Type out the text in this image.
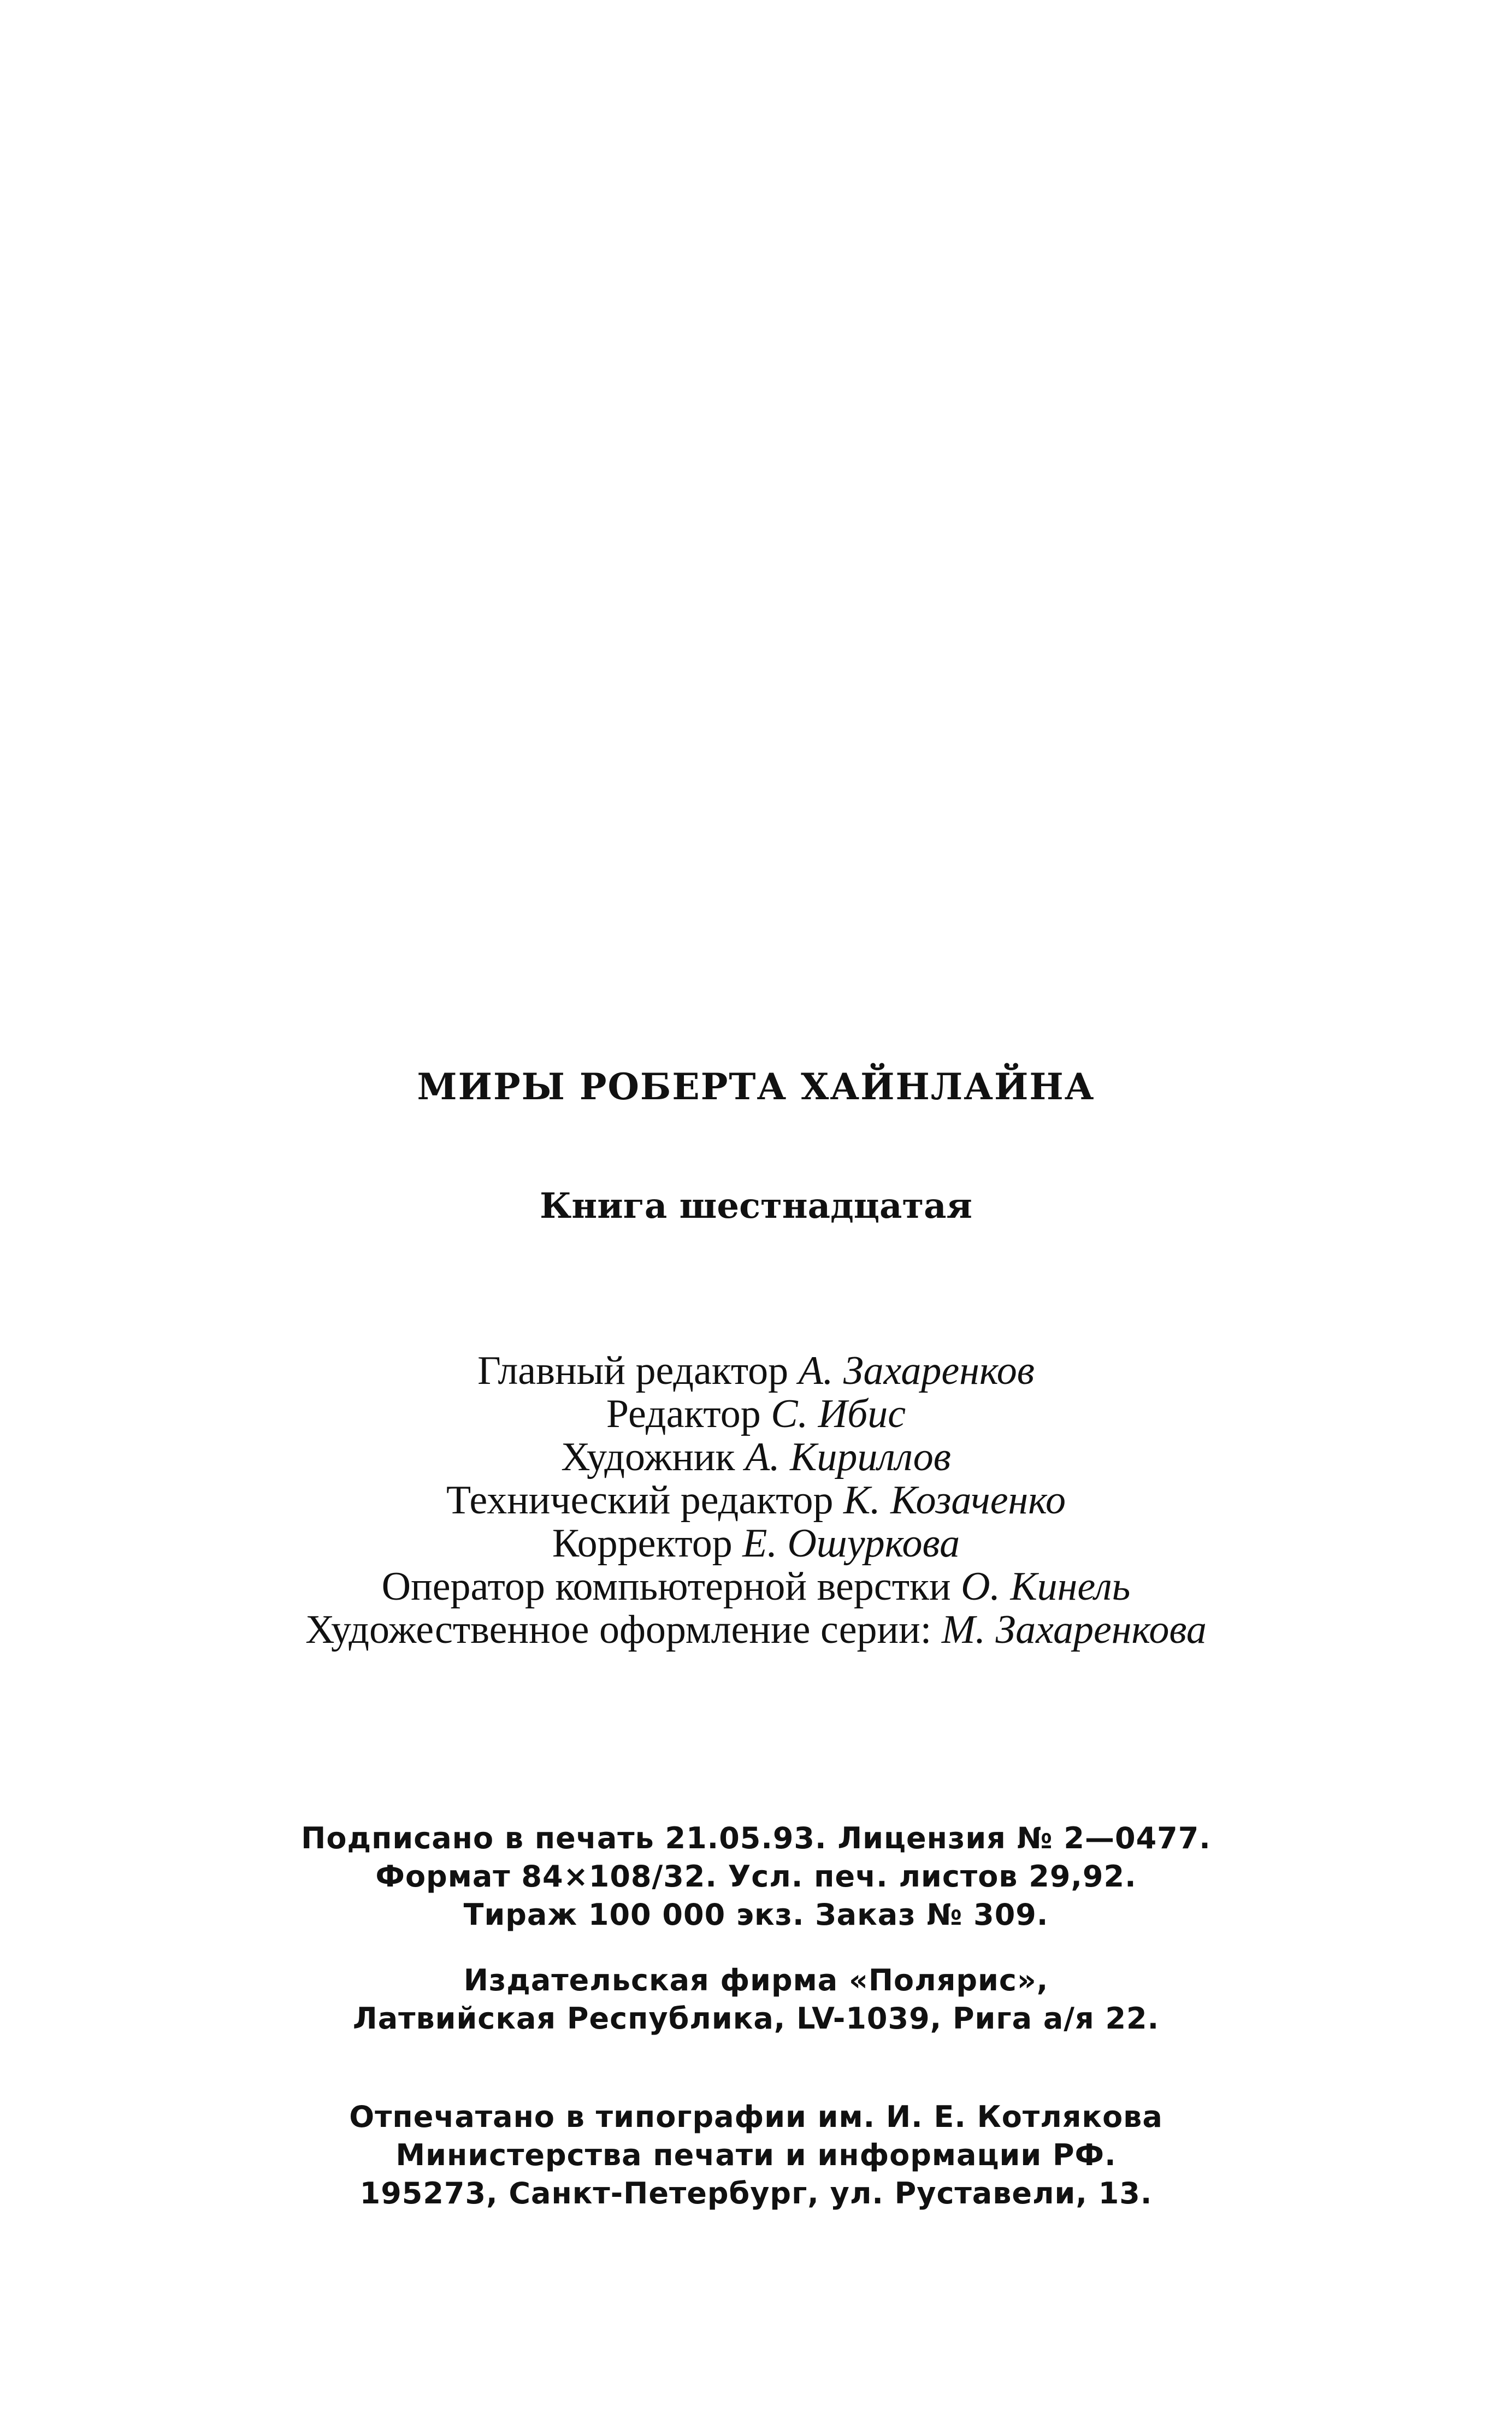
МИРЫ РОБЕРТА ХАЙНЛАЙНА
Книга шестнадцатая
Главный редактор А. Захаренков
Редактор С. Ибис
Художник А. Кириллов
Технический редактор К. Козаченко
Корректор Е. Ошуркова
Оператор компьютерной верстки О. Кинель
Художественное оформление серии: М. Захаренкова
Подписано в печать 21.05.93. Лицензия № 2—0477.
Формат 84×108/32. Усл. печ. листов 29,92.
Тираж 100 000 экз. Заказ № 309.
Издательская фирма «Полярис»,
Латвийская Республика, LV-1039, Рига а/я 22.
Отпечатано в типографии им. И. Е. Котлякова
Министерства печати и информации РФ.
195273, Санкт-Петербург, ул. Руставели, 13.
